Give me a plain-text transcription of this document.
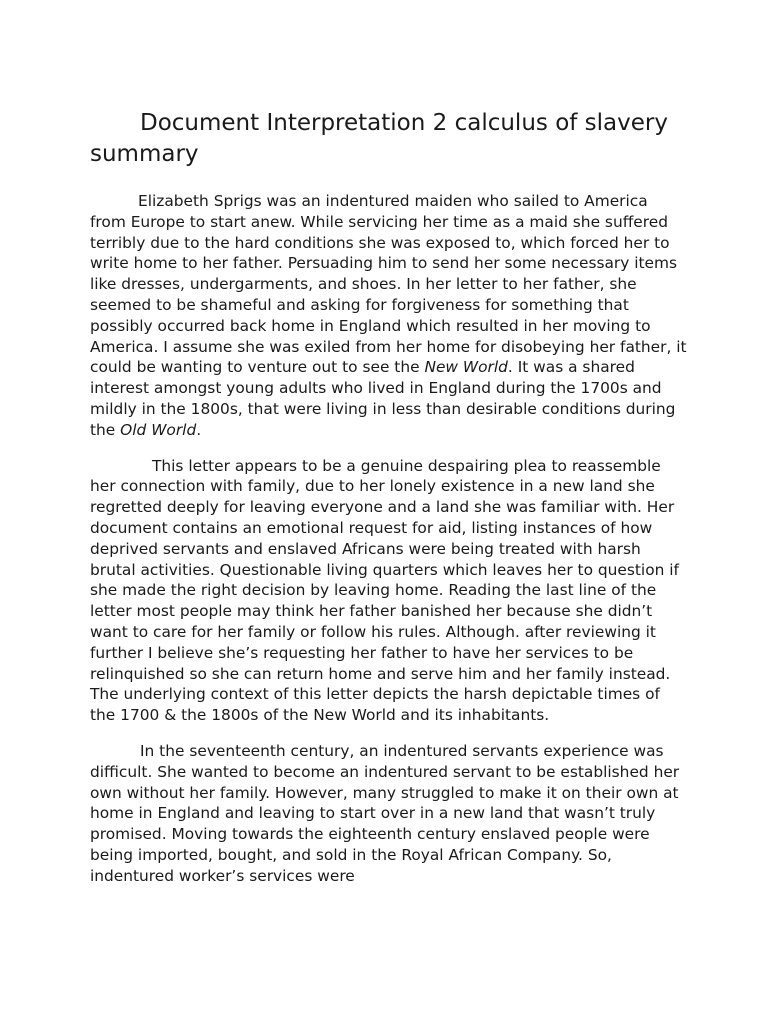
Document Interpretation 2 calculus of slavery summary

Elizabeth Sprigs was an indentured maiden who sailed to America from Europe to start anew. While servicing her time as a maid she suffered terribly due to the hard conditions she was exposed to, which forced her to write home to her father. Persuading him to send her some necessary items like dresses, undergarments, and shoes. In her letter to her father, she seemed to be shameful and asking for forgiveness for something that possibly occurred back home in England which resulted in her moving to America. I assume she was exiled from her home for disobeying her father, it could be wanting to venture out to see the New World. It was a shared interest amongst young adults who lived in England during the 1700s and mildly in the 1800s, that were living in less than desirable conditions during the Old World.

This letter appears to be a genuine despairing plea to reassemble her connection with family, due to her lonely existence in a new land she regretted deeply for leaving everyone and a land she was familiar with. Her document contains an emotional request for aid, listing instances of how deprived servants and enslaved Africans were being treated with harsh brutal activities. Questionable living quarters which leaves her to question if she made the right decision by leaving home. Reading the last line of the letter most people may think her father banished her because she didn’t want to care for her family or follow his rules. Although. after reviewing it further I believe she’s requesting her father to have her services to be relinquished so she can return home and serve him and her family instead. The underlying context of this letter depicts the harsh depictable times of the 1700 & the 1800s of the New World and its inhabitants.

In the seventeenth century, an indentured servants experience was difficult. She wanted to become an indentured servant to be established her own without her family. However, many struggled to make it on their own at home in England and leaving to start over in a new land that wasn’t truly promised. Moving towards the eighteenth century enslaved people were being imported, bought, and sold in the Royal African Company. So, indentured worker’s services were
